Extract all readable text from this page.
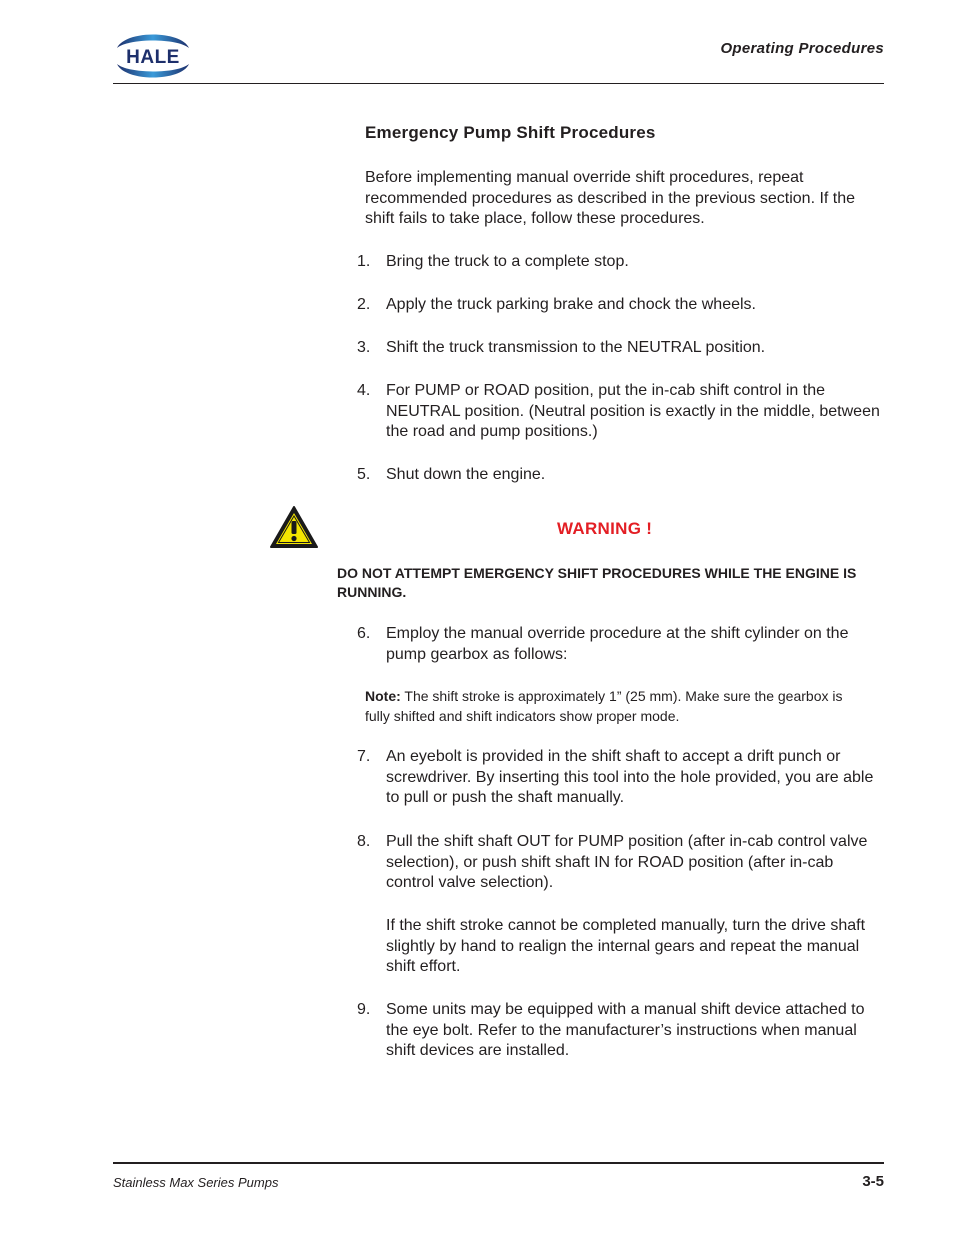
HALE	Operating Procedures
Emergency Pump Shift Procedures
Before implementing manual override shift procedures, repeat recommended procedures as described in the previous section. If the shift fails to take place, follow these procedures.
1. Bring the truck to a complete stop.
2. Apply the truck parking brake and chock the wheels.
3. Shift the truck transmission to the NEUTRAL position.
4. For PUMP or ROAD position, put the in-cab shift control in the NEUTRAL position. (Neutral position is exactly in the middle, between the road and pump positions.)
5. Shut down the engine.
WARNING !
DO NOT ATTEMPT EMERGENCY SHIFT PROCEDURES WHILE THE ENGINE IS RUNNING.
6. Employ the manual override procedure at the shift cylinder on the pump gearbox as follows:
Note: The shift stroke is approximately 1” (25 mm). Make sure the gearbox is fully shifted and shift indicators show proper mode.
7. An eyebolt is provided in the shift shaft to accept a drift punch or screwdriver. By inserting this tool into the hole provided, you are able to pull or push the shaft manually.
8. Pull the shift shaft OUT for PUMP position (after in-cab control valve selection), or push shift shaft IN for ROAD position (after in-cab control valve selection).
If the shift stroke cannot be completed manually, turn the drive shaft slightly by hand to realign the internal gears and repeat the manual shift effort.
9. Some units may be equipped with a manual shift device attached to the eye bolt. Refer to the manufacturer’s instructions when manual shift devices are installed.
Stainless Max Series Pumps	3-5
